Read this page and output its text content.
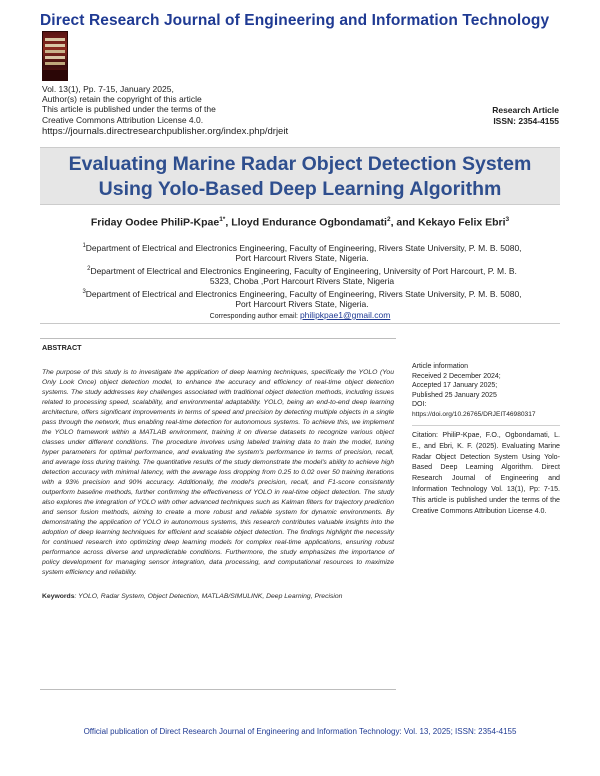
Direct Research Journal of Engineering and Information Technology
Vol. 13(1), Pp. 7-15, January 2025,
Author(s) retain the copyright of this article
This article is published under the terms of the
Creative Commons Attribution License 4.0.
https://journals.directresearchpublisher.org/index.php/drjeit
Research Article
ISSN: 2354-4155
Evaluating Marine Radar Object Detection System
Using Yolo-Based Deep Learning Algorithm
Friday Oodee PhiliP-Kpae$^{1*}$, Lloyd Endurance Ogbondamati$^2$, and Kekayo Felix Ebri$^3$
$^1$Department of Electrical and Electronics Engineering, Faculty of Engineering, Rivers State University, P. M. B. 5080,
Port Harcourt Rivers State, Nigeria.
$^2$Department of Electrical and Electronics Engineering, Faculty of Engineering, University of Port Harcourt, P. M. B.
5323, Choba ,Port Harcourt Rivers State, Nigeria
$^3$Department of Electrical and Electronics Engineering, Faculty of Engineering, Rivers State University, P. M. B. 5080,
Port Harcourt Rivers State, Nigeria.
Corresponding author email: philipkpae1@gmail.com
ABSTRACT

The purpose of this study is to investigate the application of deep learning techniques, specifically the YOLO (You Only Look Once) object detection model, to enhance the accuracy and efficiency of real-time object detection systems. The study addresses key challenges associated with traditional object detection methods, including issues related to processing speed, scalability, and environmental adaptability. YOLO, being an end-to-end deep learning architecture, offers significant improvements in terms of speed and precision by detecting multiple objects in a single pass through the network, thus enabling real-time detection for autonomous systems. To achieve this, we implement the YOLO framework within a MATLAB environment, training it on diverse datasets to recognize various object classes under different conditions. The procedure involves using labeled training data to train the model, tuning hyper parameters for optimal performance, and evaluating the system's performance in terms of precision, recall, and average loss during training. The quantitative results of the study demonstrate the model's ability to achieve high detection accuracy with minimal latency, with the average loss dropping from 0.25 to 0.02 over 50 training iterations with a 93% precision and 90% accuracy. Additionally, the model's precision, recall, and F1-score consistently outperform baseline methods, further confirming the effectiveness of YOLO in real-time object detection. The study also explores the integration of YOLO with other advanced techniques such as Kalman filters for trajectory prediction and sensor fusion methods, aiming to create a more robust and reliable system for dynamic environments. By demonstrating the application of YOLO in autonomous systems, this research contributes valuable insights into the adoption of deep learning techniques for efficient and scalable object detection. The findings highlight the necessity for continued research into optimizing deep learning models for complex real-time applications, ensuring robust performance across diverse and unpredictable conditions. Furthermore, the study emphasizes the importance of policy development for managing sensor integration, data processing, and computational resources to maximize system efficiency and reliability.

Keywords: YOLO, Radar System, Object Detection, MATLAB/SIMULINK, Deep Learning, Precision

Article information
Received 2 December 2024;
Accepted 17 January 2025;
Published 25 January 2025
DOI:
https://doi.org/10.26765/DRJEIT46980317
Citation: PhiliP-Kpae, F.O., Ogbondamati, L. E., and Ebri, K. F. (2025). Evaluating Marine Radar Object Detection System Using Yolo-Based Deep Learning Algorithm. Direct Research Journal of Engineering and Information Technology Vol. 13(1), Pp: 7-15. This article is published under the terms of the Creative Commons Attribution License 4.0.
Official publication of Direct Research Journal of Engineering and Information Technology: Vol. 13, 2025; ISSN: 2354-4155
